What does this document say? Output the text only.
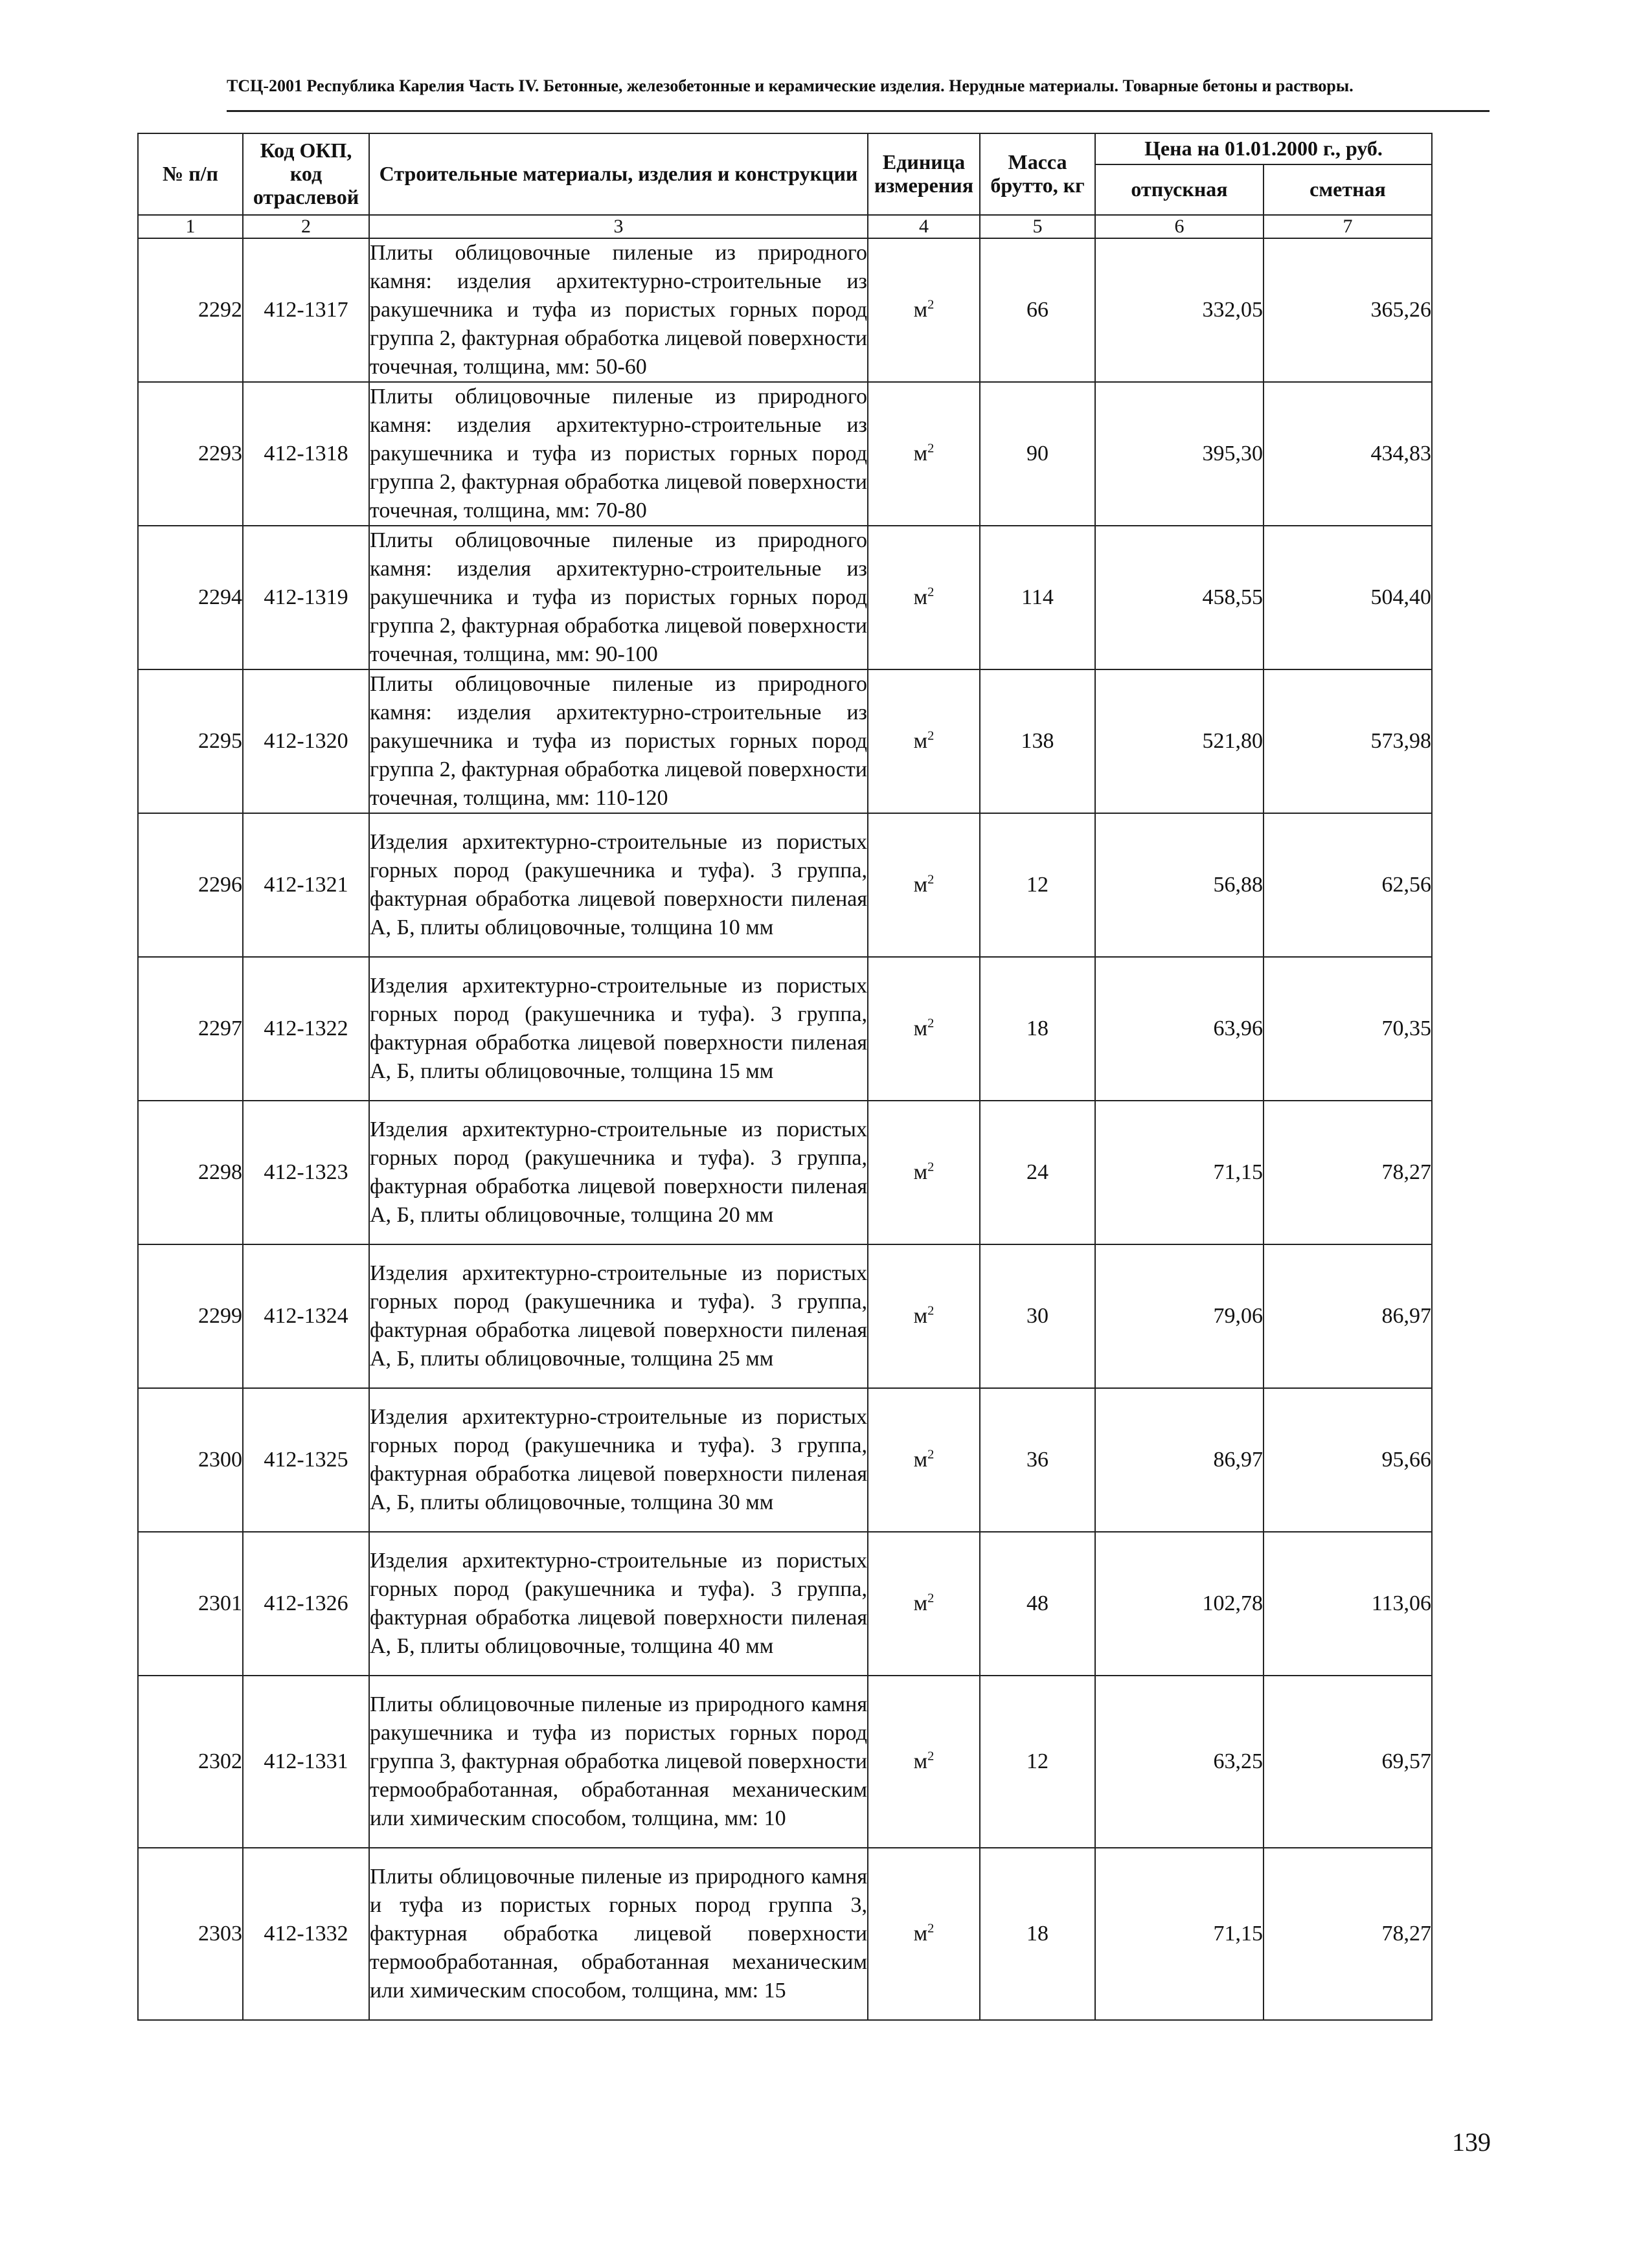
ТСЦ-2001 Республика Карелия Часть IV. Бетонные, железобетонные и керамические изделия. Нерудные материалы. Товарные бетоны и растворы.
№ п/п	Код ОКП, код отраслевой	Строительные материалы, изделия и конструкции	Единица измерения	Масса брутто, кг	Цена на 01.01.2000 г., руб.	
					отпускная	сметная
1	2	3	4	5	6	7
2292	412-1317	Плиты облицовочные пиленые из природного камня: изделия архитектурно-строительные из ракушечника и туфа из пористых горных пород группа 2, фактурная обработка лицевой поверхности точечная, толщина, мм: 50-60	$м^2$	66	332,05	365,26
2293	412-1318	Плиты облицовочные пиленые из природного камня: изделия архитектурно-строительные из ракушечника и туфа из пористых горных пород группа 2, фактурная обработка лицевой поверхности точечная, толщина, мм: 70-80	$м^2$	90	395,30	434,83
2294	412-1319	Плиты облицовочные пиленые из природного камня: изделия архитектурно-строительные из ракушечника и туфа из пористых горных пород группа 2, фактурная обработка лицевой поверхности точечная, толщина, мм: 90-100	$м^2$	114	458,55	504,40
2295	412-1320	Плиты облицовочные пиленые из природного камня: изделия архитектурно-строительные из ракушечника и туфа из пористых горных пород группа 2, фактурная обработка лицевой поверхности точечная, толщина, мм: 110-120	$м^2$	138	521,80	573,98
2296	412-1321	Изделия архитектурно-строительные из пористых горных пород (ракушечника и туфа). 3 группа, фактурная обработка лицевой поверхности пиленая А, Б, плиты облицовочные, толщина 10 мм	$м^2$	12	56,88	62,56
2297	412-1322	Изделия архитектурно-строительные из пористых горных пород (ракушечника и туфа). 3 группа, фактурная обработка лицевой поверхности пиленая А, Б, плиты облицовочные, толщина 15 мм	$м^2$	18	63,96	70,35
2298	412-1323	Изделия архитектурно-строительные из пористых горных пород (ракушечника и туфа). 3 группа, фактурная обработка лицевой поверхности пиленая А, Б, плиты облицовочные, толщина 20 мм	$м^2$	24	71,15	78,27
2299	412-1324	Изделия архитектурно-строительные из пористых горных пород (ракушечника и туфа). 3 группа, фактурная обработка лицевой поверхности пиленая А, Б, плиты облицовочные, толщина 25 мм	$м^2$	30	79,06	86,97
2300	412-1325	Изделия архитектурно-строительные из пористых горных пород (ракушечника и туфа). 3 группа, фактурная обработка лицевой поверхности пиленая А, Б, плиты облицовочные, толщина 30 мм	$м^2$	36	86,97	95,66
2301	412-1326	Изделия архитектурно-строительные из пористых горных пород (ракушечника и туфа). 3 группа, фактурная обработка лицевой поверхности пиленая А, Б, плиты облицовочные, толщина 40 мм	$м^2$	48	102,78	113,06
2302	412-1331	Плиты облицовочные пиленые из природного камня ракушечника и туфа из пористых горных пород группа 3, фактурная обработка лицевой поверхности термообработанная, обработанная механическим или химическим способом, толщина, мм: 10	$м^2$	12	63,25	69,57
2303	412-1332	Плиты облицовочные пиленые из природного камня и туфа из пористых горных пород группа 3, фактурная обработка лицевой поверхности термообработанная, обработанная механическим или химическим способом, толщина, мм: 15	$м^2$	18	71,15	78,27
139
